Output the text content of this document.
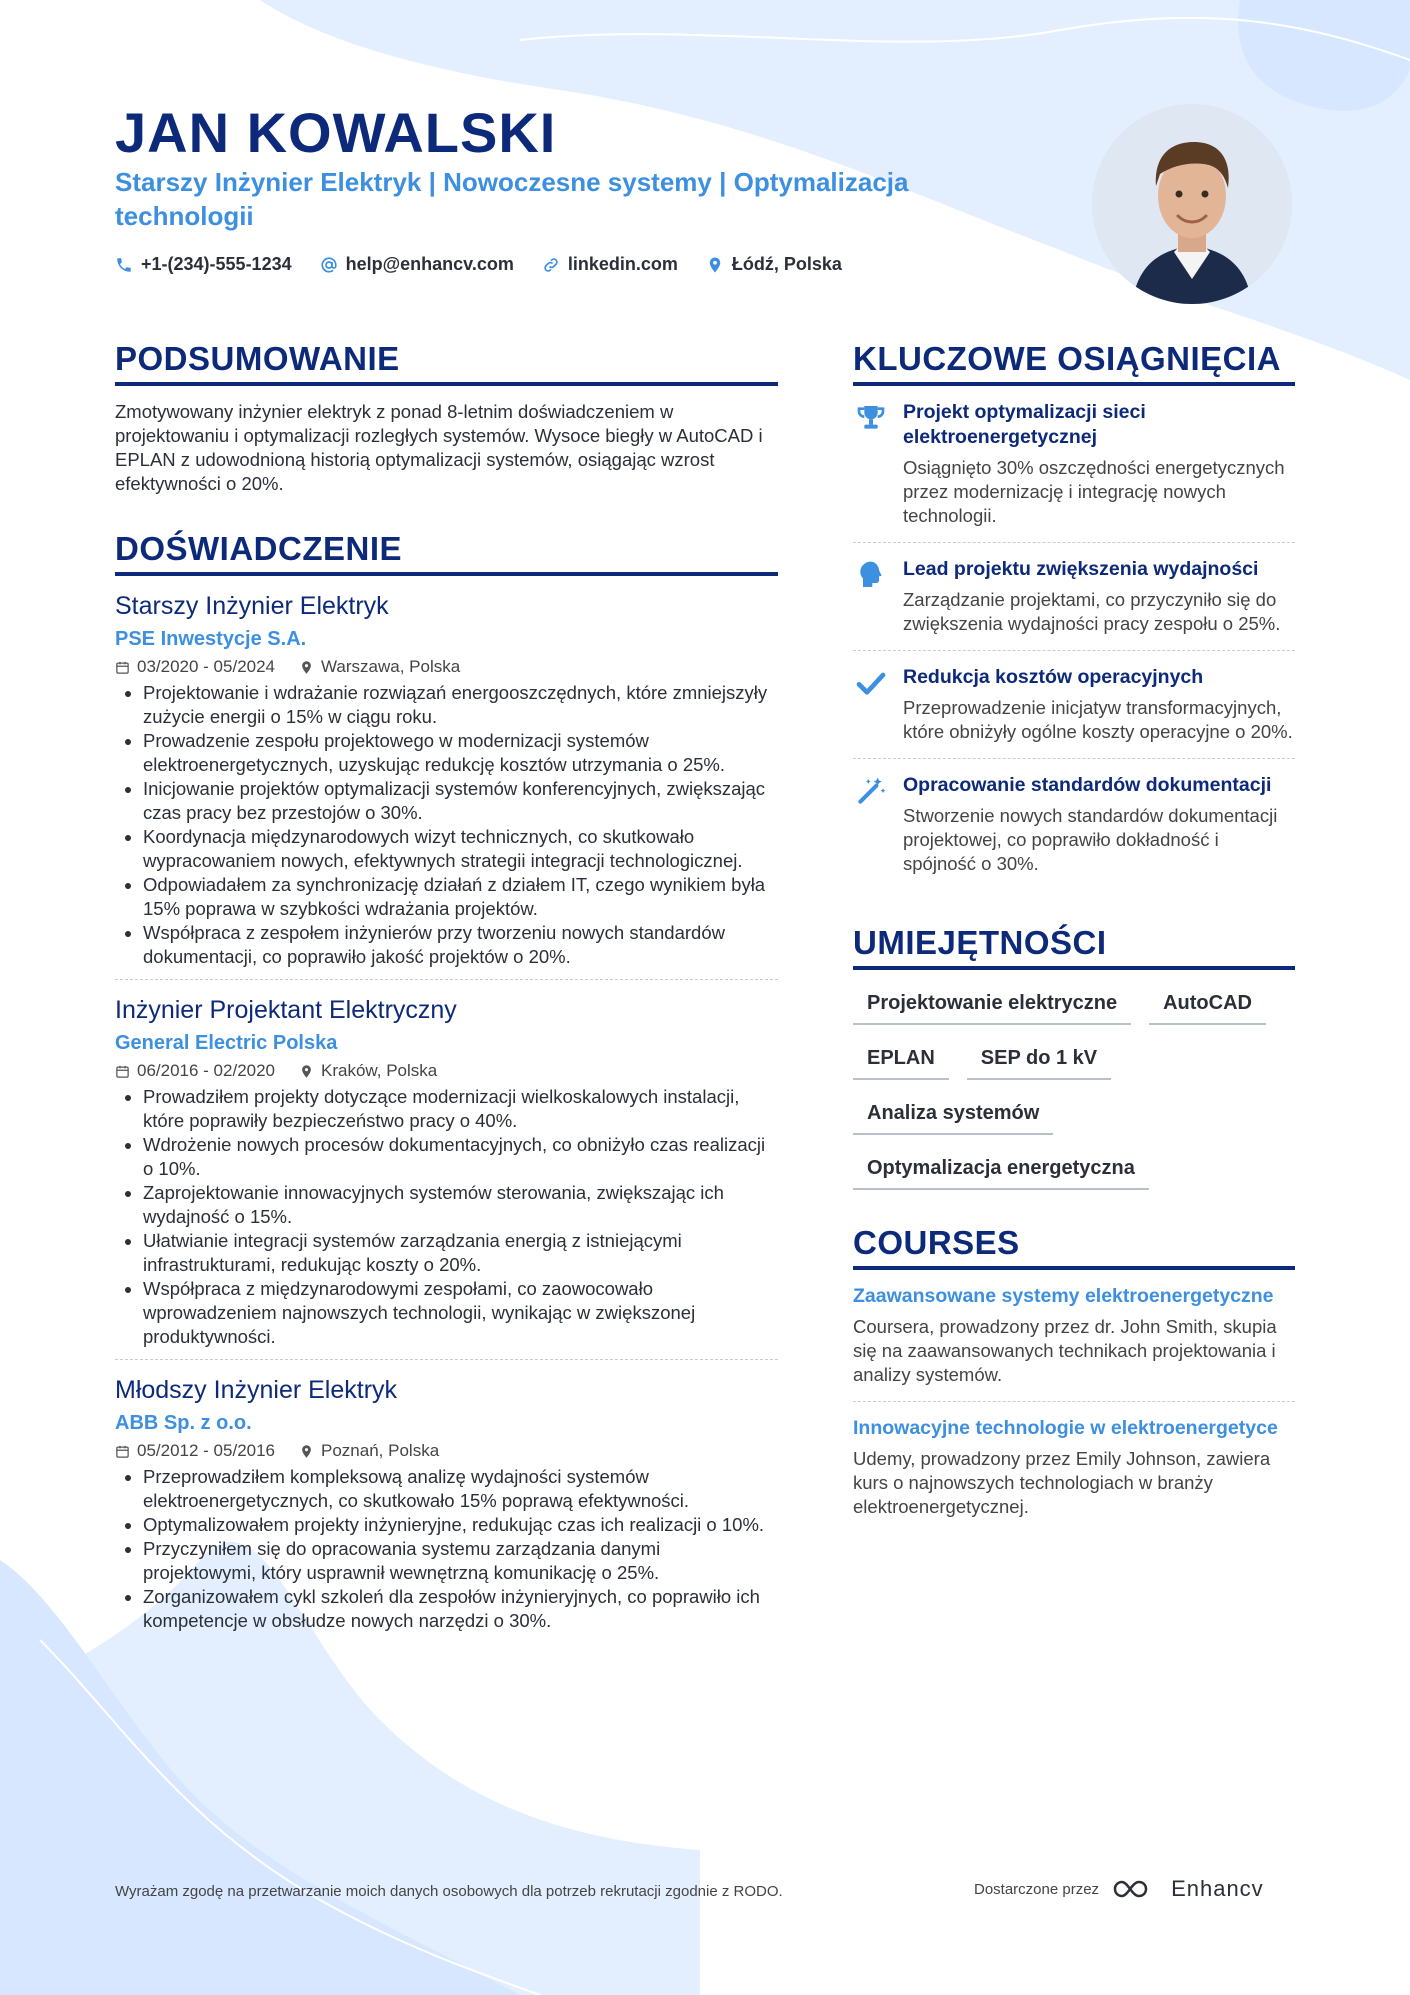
JAN KOWALSKI
Starszy Inżynier Elektryk | Nowoczesne systemy | Optymalizacja technologii
+1-(234)-555-1234	help@enhancv.com	linkedin.com	Łódź, Polska
PODSUMOWANIE
Zmotywowany inżynier elektryk z ponad 8-letnim doświadczeniem w projektowaniu i optymalizacji rozległych systemów. Wysoce biegły w AutoCAD i EPLAN z udowodnioną historią optymalizacji systemów, osiągając wzrost efektywności o 20%.
DOŚWIADCZENIE
Starszy Inżynier Elektryk
PSE Inwestycje S.A.
03/2020 - 05/2024	Warszawa, Polska
• Projektowanie i wdrażanie rozwiązań energooszczędnych, które zmniejszyły zużycie energii o 15% w ciągu roku.
• Prowadzenie zespołu projektowego w modernizacji systemów elektroenergetycznych, uzyskując redukcję kosztów utrzymania o 25%.
• Inicjowanie projektów optymalizacji systemów konferencyjnych, zwiększając czas pracy bez przestojów o 30%.
• Koordynacja międzynarodowych wizyt technicznych, co skutkowało wypracowaniem nowych, efektywnych strategii integracji technologicznej.
• Odpowiadałem za synchronizację działań z działem IT, czego wynikiem była 15% poprawa w szybkości wdrażania projektów.
• Współpraca z zespołem inżynierów przy tworzeniu nowych standardów dokumentacji, co poprawiło jakość projektów o 20%.
Inżynier Projektant Elektryczny
General Electric Polska
06/2016 - 02/2020	Kraków, Polska
• Prowadziłem projekty dotyczące modernizacji wielkoskalowych instalacji, które poprawiły bezpieczeństwo pracy o 40%.
• Wdrożenie nowych procesów dokumentacyjnych, co obniżyło czas realizacji o 10%.
• Zaprojektowanie innowacyjnych systemów sterowania, zwiększając ich wydajność o 15%.
• Ułatwianie integracji systemów zarządzania energią z istniejącymi infrastrukturami, redukując koszty o 20%.
• Współpraca z międzynarodowymi zespołami, co zaowocowało wprowadzeniem najnowszych technologii, wynikając w zwiększonej produktywności.
Młodszy Inżynier Elektryk
ABB Sp. z o.o.
05/2012 - 05/2016	Poznań, Polska
• Przeprowadziłem kompleksową analizę wydajności systemów elektroenergetycznych, co skutkowało 15% poprawą efektywności.
• Optymalizowałem projekty inżynieryjne, redukując czas ich realizacji o 10%.
• Przyczyniłem się do opracowania systemu zarządzania danymi projektowymi, który usprawnił wewnętrzną komunikację o 25%.
• Zorganizowałem cykl szkoleń dla zespołów inżynieryjnych, co poprawiło ich kompetencje w obsłudze nowych narzędzi o 30%.
KLUCZOWE OSIĄGNIĘCIA
Projekt optymalizacji sieci elektroenergetycznej
Osiągnięto 30% oszczędności energetycznych przez modernizację i integrację nowych technologii.
Lead projektu zwiększenia wydajności
Zarządzanie projektami, co przyczyniło się do zwiększenia wydajności pracy zespołu o 25%.
Redukcja kosztów operacyjnych
Przeprowadzenie inicjatyw transformacyjnych, które obniżyły ogólne koszty operacyjne o 20%.
Opracowanie standardów dokumentacji
Stworzenie nowych standardów dokumentacji projektowej, co poprawiło dokładność i spójność o 30%.
UMIEJĘTNOŚCI
Projektowanie elektryczne	AutoCAD
EPLAN	SEP do 1 kV
Analiza systemów
Optymalizacja energetyczna
COURSES
Zaawansowane systemy elektroenergetyczne
Coursera, prowadzony przez dr. John Smith, skupia się na zaawansowanych technikach projektowania i analizy systemów.
Innowacyjne technologie w elektroenergetyce
Udemy, prowadzony przez Emily Johnson, zawiera kurs o najnowszych technologiach w branży elektroenergetycznej.
Wyrażam zgodę na przetwarzanie moich danych osobowych dla potrzeb rekrutacji zgodnie z RODO.	Dostarczone przez	Enhancv
